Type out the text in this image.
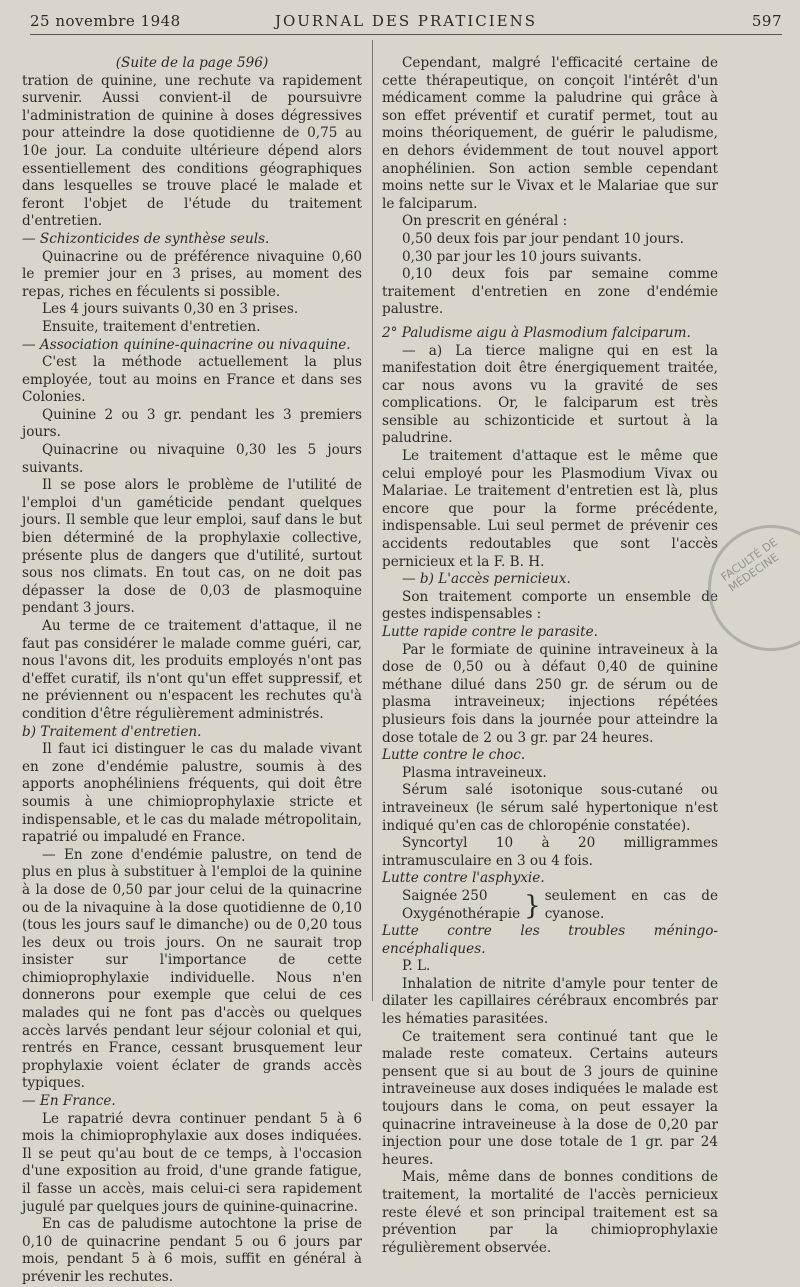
25 novembre 1948	JOURNAL DES PRATICIENS	597

(Suite de la page 596)

tration de quinine, une rechute va rapidement survenir. Aussi convient-il de poursuivre l'administration de quinine à doses dégressives pour atteindre la dose quotidienne de 0,75 au 10e jour. La conduite ultérieure dépend alors essentiellement des conditions géographiques dans lesquelles se trouve placé le malade et feront l'objet de l'étude du traitement d'entretien.

— Schizonticides de synthèse seuls.

Quinacrine ou de préférence nivaquine 0,60 le premier jour en 3 prises, au moment des repas, riches en féculents si possible.

Les 4 jours suivants 0,30 en 3 prises.

Ensuite, traitement d'entretien.

— Association quinine-quinacrine ou nivaquine.

C'est la méthode actuellement la plus employée, tout au moins en France et dans ses Colonies.

Quinine 2 ou 3 gr. pendant les 3 premiers jours.

Quinacrine ou nivaquine 0,30 les 5 jours suivants.

Il se pose alors le problème de l'utilité de l'emploi d'un gaméticide pendant quelques jours. Il semble que leur emploi, sauf dans le but bien déterminé de la prophylaxie collective, présente plus de dangers que d'utilité, surtout sous nos climats. En tout cas, on ne doit pas dépasser la dose de 0,03 de plasmoquine pendant 3 jours.

Au terme de ce traitement d'attaque, il ne faut pas considérer le malade comme guéri, car, nous l'avons dit, les produits employés n'ont pas d'effet curatif, ils n'ont qu'un effet suppressif, et ne préviennent ou n'espacent les rechutes qu'à condition d'être régulièrement administrés.

b) Traitement d'entretien.

Il faut ici distinguer le cas du malade vivant en zone d'endémie palustre, soumis à des apports anophéliniens fréquents, qui doit être soumis à une chimioprophylaxie stricte et indispensable, et le cas du malade métropolitain, rapatrié ou impaludé en France.

— En zone d'endémie palustre, on tend de plus en plus à substituer à l'emploi de la quinine à la dose de 0,50 par jour celui de la quinacrine ou de la nivaquine à la dose quotidienne de 0,10 (tous les jours sauf le dimanche) ou de 0,20 tous les deux ou trois jours. On ne saurait trop insister sur l'importance de cette chimioprophylaxie individuelle. Nous n'en donnerons pour exemple que celui de ces malades qui ne font pas d'accès ou quelques accès larvés pendant leur séjour colonial et qui, rentrés en France, cessant brusquement leur prophylaxie voient éclater de grands accès typiques.

— En France.

Le rapatrié devra continuer pendant 5 à 6 mois la chimioprophylaxie aux doses indiquées. Il se peut qu'au bout de ce temps, à l'occasion d'une exposition au froid, d'une grande fatigue, il fasse un accès, mais celui-ci sera rapidement jugulé par quelques jours de quinine-quinacrine.

En cas de paludisme autochtone la prise de 0,10 de quinacrine pendant 5 ou 6 jours par mois, pendant 5 à 6 mois, suffit en général à prévenir les rechutes.

Cependant, malgré l'efficacité certaine de cette thérapeutique, on conçoit l'intérêt d'un médicament comme la paludrine qui grâce à son effet préventif et curatif permet, tout au moins théoriquement, de guérir le paludisme, en dehors évidemment de tout nouvel apport anophélinien. Son action semble cependant moins nette sur le Vivax et le Malariae que sur le falciparum.

On prescrit en général :

0,50 deux fois par jour pendant 10 jours.

0,30 par jour les 10 jours suivants.

0,10 deux fois par semaine comme traitement d'entretien en zone d'endémie palustre.

2° Paludisme aigu à Plasmodium falciparum.

— a) La tierce maligne qui en est la manifestation doit être énergiquement traitée, car nous avons vu la gravité de ses complications. Or, le falciparum est très sensible au schizonticide et surtout à la paludrine.

Le traitement d'attaque est le même que celui employé pour les Plasmodium Vivax ou Malariae. Le traitement d'entretien est là, plus encore que pour la forme précédente, indispensable. Lui seul permet de prévenir ces accidents redoutables que sont l'accès pernicieux et la F. B. H.

— b) L'accès pernicieux.

Son traitement comporte un ensemble de gestes indispensables :

Lutte rapide contre le parasite.

Par le formiate de quinine intraveineux à la dose de 0,50 ou à défaut 0,40 de quinine méthane dilué dans 250 gr. de sérum ou de plasma intraveineux; injections répétées plusieurs fois dans la journée pour atteindre la dose totale de 2 ou 3 gr. par 24 heures.

Lutte contre le choc.

Plasma intraveineux.

Sérum salé isotonique sous-cutané ou intraveineux (le sérum salé hypertonique n'est indiqué qu'en cas de chloropénie constatée).

Syncortyl 10 à 20 milligrammes intramusculaire en 3 ou 4 fois.

Lutte contre l'asphyxie.

Saignée 250

Oxygénothérapie } seulement en cas de cyanose.

Lutte contre les troubles méningo-encéphaliques.

P. L.

Inhalation de nitrite d'amyle pour tenter de dilater les capillaires cérébraux encombrés par les hématies parasitées.

Ce traitement sera continué tant que le malade reste comateux. Certains auteurs pensent que si au bout de 3 jours de quinine intraveineuse aux doses indiquées le malade est toujours dans le coma, on peut essayer la quinacrine intraveineuse à la dose de 0,20 par injection pour une dose totale de 1 gr. par 24 heures.

Mais, même dans de bonnes conditions de traitement, la mortalité de l'accès pernicieux reste élevé et son principal traitement est sa prévention par la chimioprophylaxie régulièrement observée.

FACULTÉ DE MÉDECINE
